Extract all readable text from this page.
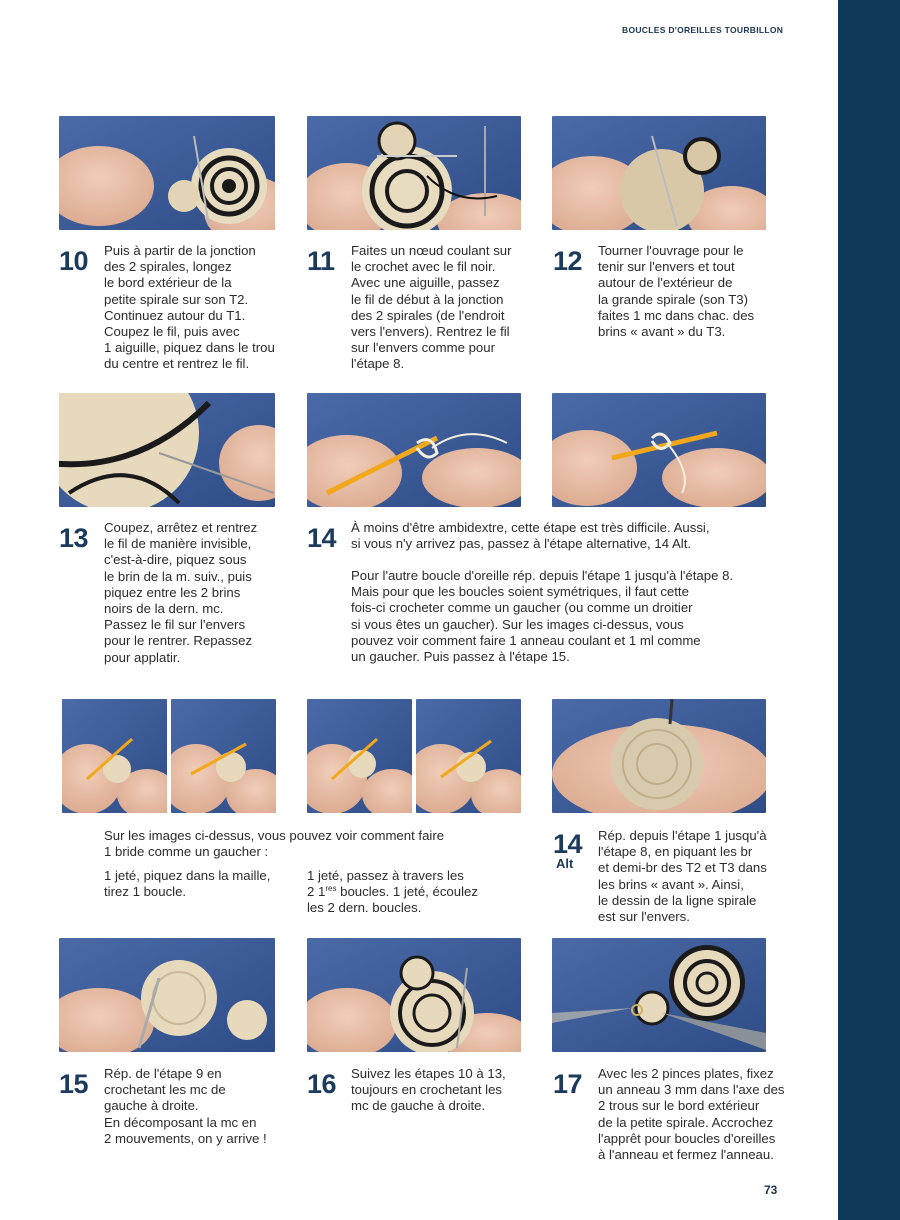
BOUCLES D'OREILLES TOURBILLON
10 Puis à partir de la jonction
des 2 spirales, longez
le bord extérieur de la
petite spirale sur son T2.
Continuez autour du T1.
Coupez le fil, puis avec
1 aiguille, piquez dans le trou
du centre et rentrez le fil.
11 Faites un nœud coulant sur
le crochet avec le fil noir.
Avec une aiguille, passez
le fil de début à la jonction
des 2 spirales (de l'endroit
vers l'envers). Rentrez le fil
sur l'envers comme pour
l'étape 8.
12 Tourner l'ouvrage pour le
tenir sur l'envers et tout
autour de l'extérieur de
la grande spirale (son T3)
faites 1 mc dans chac. des
brins « avant » du T3.
13 Coupez, arrêtez et rentrez
le fil de manière invisible,
c'est-à-dire, piquez sous
le brin de la m. suiv., puis
piquez entre les 2 brins
noirs de la dern. mc.
Passez le fil sur l'envers
pour le rentrer. Repassez
pour applatir.
14 À moins d'être ambidextre, cette étape est très difficile. Aussi,
si vous n'y arrivez pas, passez à l'étape alternative, 14 Alt.
Pour l'autre boucle d'oreille rép. depuis l'étape 1 jusqu'à l'étape 8.
Mais pour que les boucles soient symétriques, il faut cette
fois-ci crocheter comme un gaucher (ou comme un droitier
si vous êtes un gaucher). Sur les images ci-dessus, vous
pouvez voir comment faire 1 anneau coulant et 1 ml comme
un gaucher. Puis passez à l'étape 15.
Sur les images ci-dessus, vous pouvez voir comment faire
1 bride comme un gaucher :
1 jeté, piquez dans la maille,
tirez 1 boucle.
1 jeté, passez à travers les
2 1res boucles. 1 jeté, écoulez
les 2 dern. boucles.
14
Alt
Rép. depuis l'étape 1 jusqu'à
l'étape 8, en piquant les br
et demi-br des T2 et T3 dans
les brins « avant ». Ainsi,
le dessin de la ligne spirale
est sur l'envers.
15 Rép. de l'étape 9 en
crochetant les mc de
gauche à droite.
En décomposant la mc en
2 mouvements, on y arrive !
16 Suivez les étapes 10 à 13,
toujours en crochetant les
mc de gauche à droite.
17 Avec les 2 pinces plates, fixez
un anneau 3 mm dans l'axe des
2 trous sur le bord extérieur
de la petite spirale. Accrochez
l'apprêt pour boucles d'oreilles
à l'anneau et fermez l'anneau.
73
